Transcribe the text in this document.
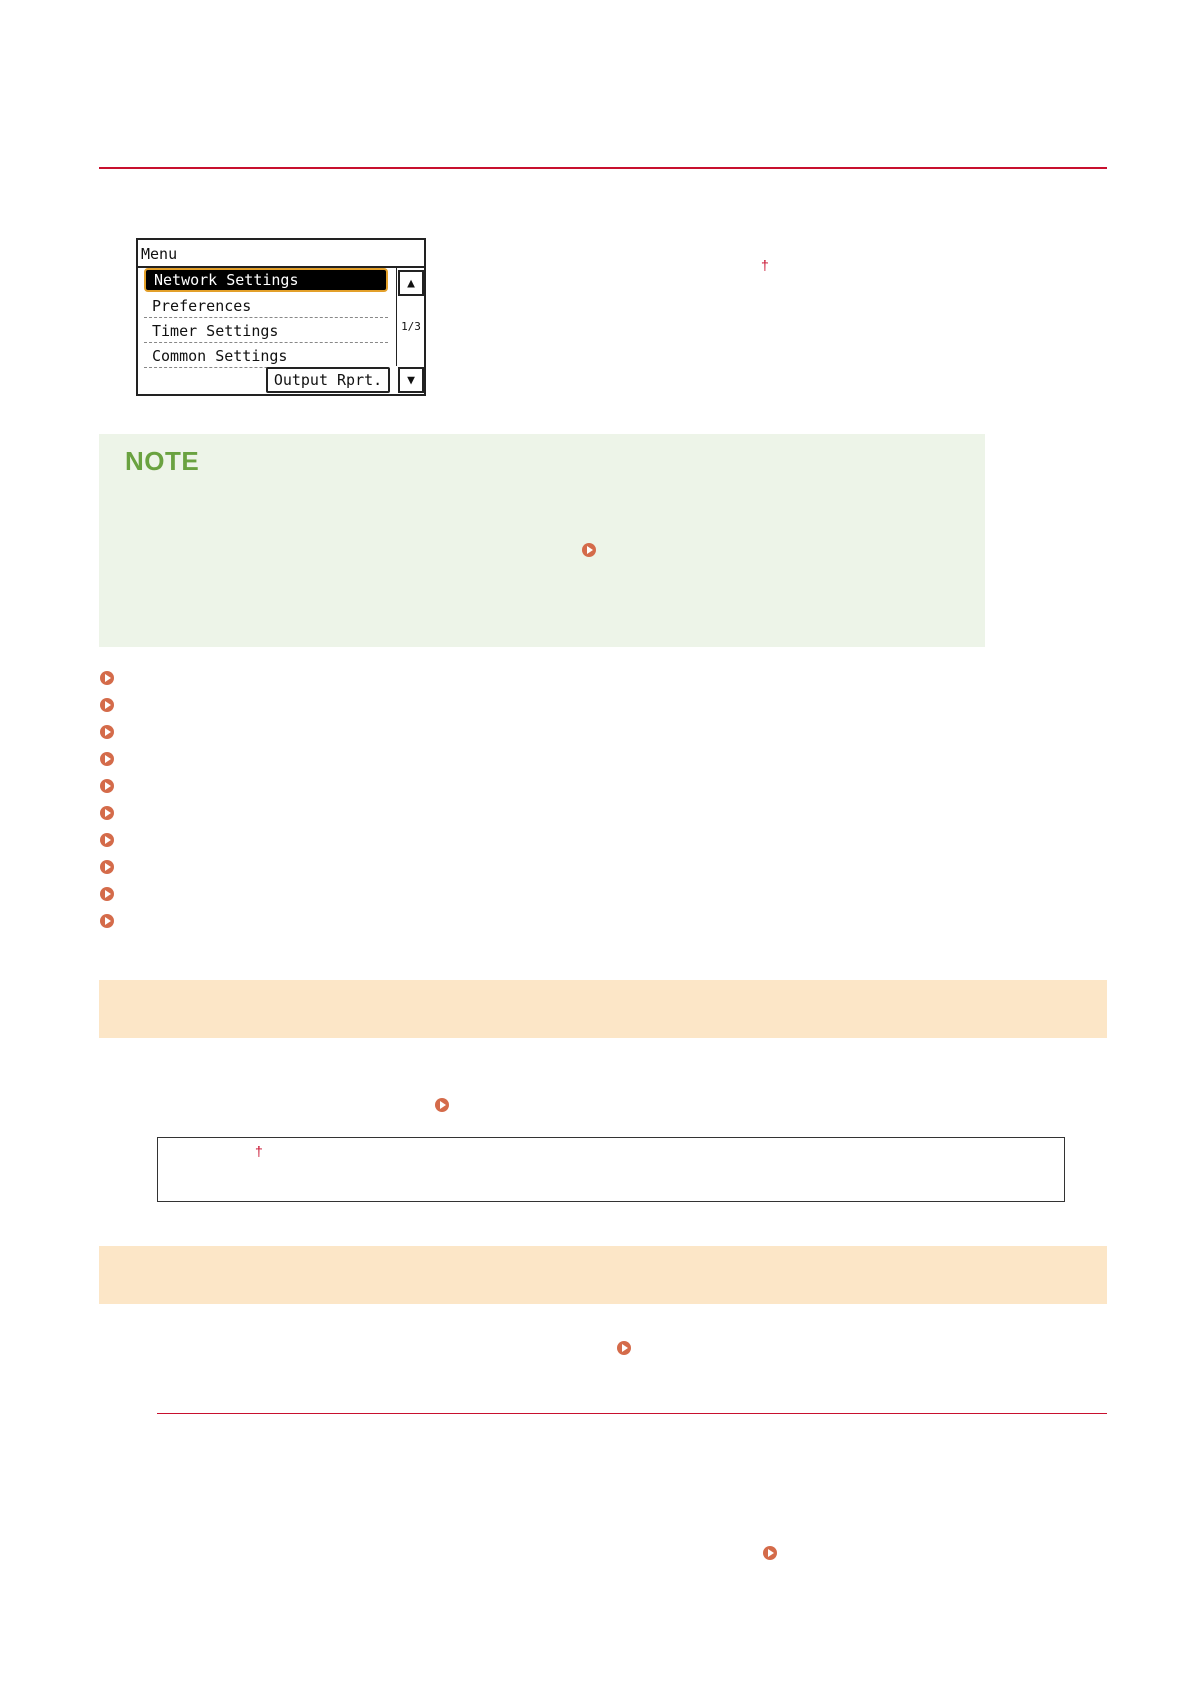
Menu
Network Settings
Preferences
Timer Settings
Common Settings
▲
1/3
▼
Output Rprt.
†
NOTE
†
